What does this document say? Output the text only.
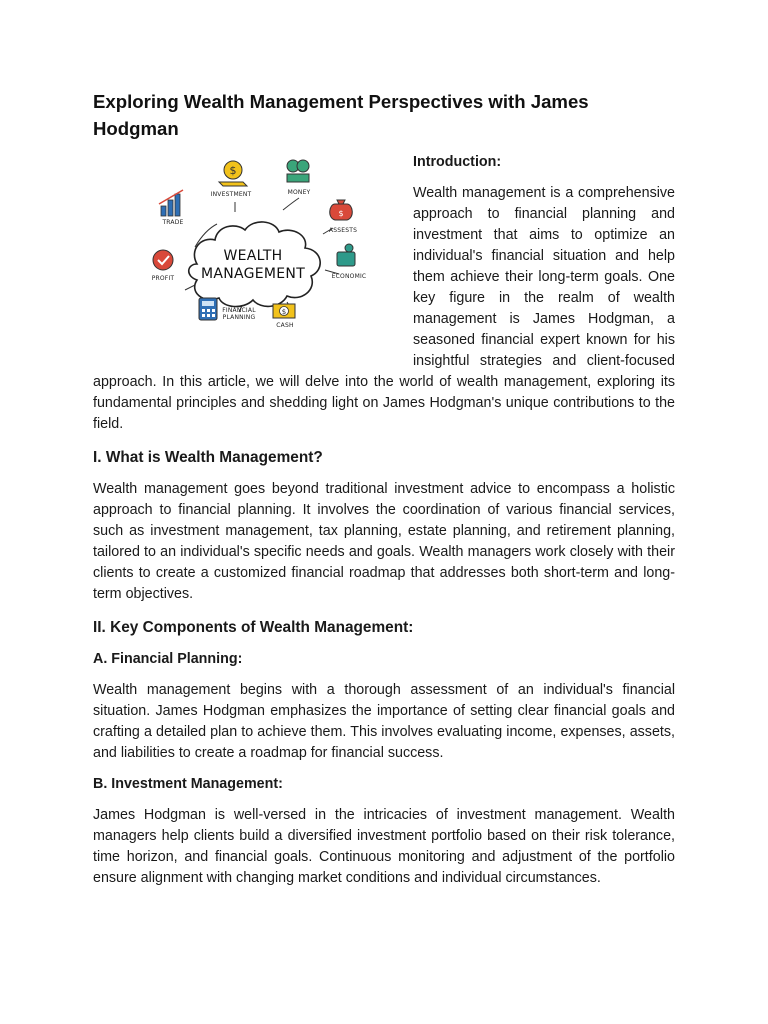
Exploring Wealth Management Perspectives with James Hodgman
WEALTH
MANAGEMENT
$
INVESTMENT	MONEY
TRADE
$
ASSESTS
PROFIT	ECONOMIC
FINANCIAL
PLANNING
$
CASH
Introduction:

Wealth management is a comprehensive approach to financial planning and investment that aims to optimize an individual's financial situation and help them achieve their long-term goals. One key figure in the realm of wealth management is James Hodgman, a seasoned financial expert known for his insightful strategies and client-focused approach. In this article, we will delve into the world of wealth management, exploring its fundamental principles and shedding light on James Hodgman's unique contributions to the field.

I. What is Wealth Management?

Wealth management goes beyond traditional investment advice to encompass a holistic approach to financial planning. It involves the coordination of various financial services, such as investment management, tax planning, estate planning, and retirement planning, tailored to an individual's specific needs and goals. Wealth managers work closely with their clients to create a customized financial roadmap that addresses both short-term and long-term objectives.

II. Key Components of Wealth Management:
A. Financial Planning:

Wealth management begins with a thorough assessment of an individual's financial situation. James Hodgman emphasizes the importance of setting clear financial goals and crafting a detailed plan to achieve them. This involves evaluating income, expenses, assets, and liabilities to create a roadmap for financial success.

B. Investment Management:

James Hodgman is well-versed in the intricacies of investment management. Wealth managers help clients build a diversified investment portfolio based on their risk tolerance, time horizon, and financial goals. Continuous monitoring and adjustment of the portfolio ensure alignment with changing market conditions and individual circumstances.
